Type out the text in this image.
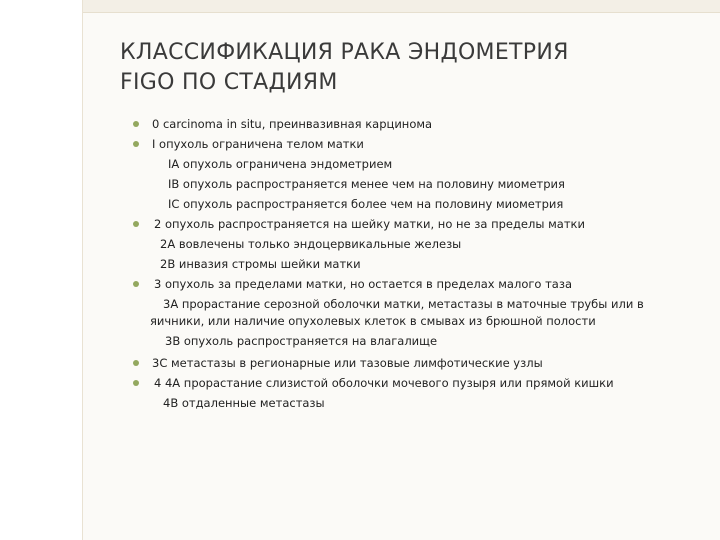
КЛАССИФИКАЦИЯ РАКА ЭНДОМЕТРИЯ
FIGO ПО СТАДИЯМ
0 carcinoma in situ, преинвазивная карцинома
I опухоль ограничена телом матки
IA опухоль ограничена эндометрием
IB опухоль распространяется менее чем на половину миометрия
IC опухоль распространяется более чем на половину миометрия
2 опухоль распространяется на шейку матки, но не за пределы матки
2A вовлечены только эндоцервикальные железы
2B инвазия стромы шейки матки
3 опухоль за пределами матки, но остается в пределах малого таза
3A прорастание серозной оболочки матки, метастазы в маточные трубы или в
яичники, или наличие опухолевых клеток в смывах из брюшной полости
3B опухоль распространяется на влагалище
3C метастазы в регионарные или тазовые лимфотические узлы
4 4A прорастание слизистой оболочки мочевого пузыря или прямой кишки
4B отдаленные метастазы
